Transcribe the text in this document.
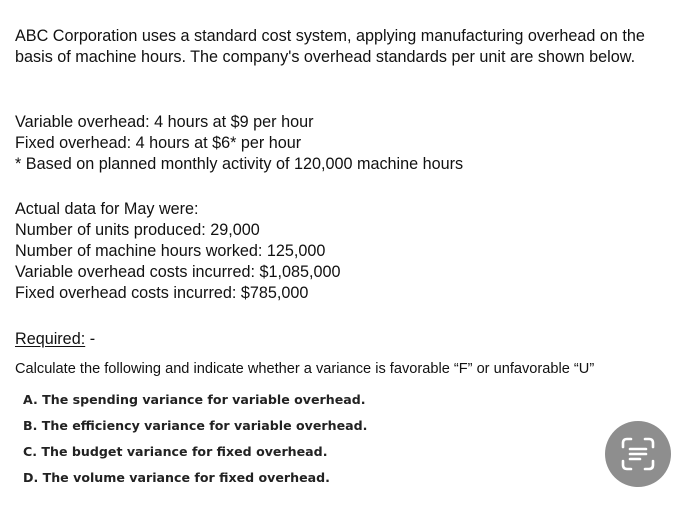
ABC Corporation uses a standard cost system, applying manufacturing overhead on the basis of machine hours. The company's overhead standards per unit are shown below.
Variable overhead: 4 hours at $9 per hour
Fixed overhead: 4 hours at $6* per hour
* Based on planned monthly activity of 120,000 machine hours
Actual data for May were:
Number of units produced: 29,000
Number of machine hours worked: 125,000
Variable overhead costs incurred: $1,085,000
Fixed overhead costs incurred: $785,000
Required: -
Calculate the following and indicate whether a variance is favorable “F” or unfavorable “U”
A. The spending variance for variable overhead.
B. The efficiency variance for variable overhead.
C. The budget variance for fixed overhead.
D. The volume variance for fixed overhead.
